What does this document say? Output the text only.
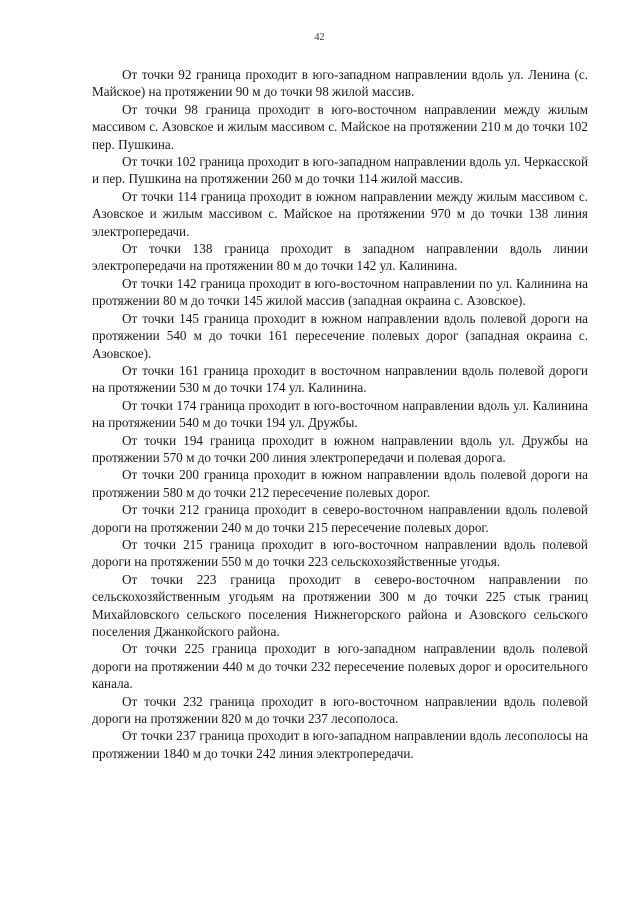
42

От точки 92 граница проходит в юго-западном направлении вдоль ул. Ленина (с. Майское) на протяжении 90 м до точки 98 жилой массив.

От точки 98 граница проходит в юго-восточном направлении между жилым массивом с. Азовское и жилым массивом с. Майское на протяжении 210 м до точки 102 пер. Пушкина.

От точки 102 граница проходит в юго-западном направлении вдоль ул. Черкасской и пер. Пушкина на протяжении 260 м до точки 114 жилой массив.

От точки 114 граница проходит в южном направлении между жилым массивом с. Азовское и жилым массивом с. Майское на протяжении 970 м до точки 138 линия электропередачи.

От точки 138 граница проходит в западном направлении вдоль линии электропередачи на протяжении 80 м до точки 142 ул. Калинина.

От точки 142 граница проходит в юго-восточном направлении по ул. Калинина на протяжении 80 м до точки 145 жилой массив (западная окраина с. Азовское).

От точки 145 граница проходит в южном направлении вдоль полевой дороги на протяжении 540 м до точки 161 пересечение полевых дорог (западная окраина с. Азовское).

От точки 161 граница проходит в восточном направлении вдоль полевой дороги на протяжении 530 м до точки 174 ул. Калинина.

От точки 174 граница проходит в юго-восточном направлении вдоль ул. Калинина на протяжении 540 м до точки 194 ул. Дружбы.

От точки 194 граница проходит в южном направлении вдоль ул. Дружбы на протяжении 570 м до точки 200 линия электропередачи и полевая дорога.

От точки 200 граница проходит в южном направлении вдоль полевой дороги на протяжении 580 м до точки 212 пересечение полевых дорог.

От точки 212 граница проходит в северо-восточном направлении вдоль полевой дороги на протяжении 240 м до точки 215 пересечение полевых дорог.

От точки 215 граница проходит в юго-восточном направлении вдоль полевой дороги на протяжении 550 м до точки 223 сельскохозяйственные угодья.

От точки 223 граница проходит в северо-восточном направлении по сельскохозяйственным угодьям на протяжении 300 м до точки 225 стык границ Михайловского сельского поселения Нижнегорского района и Азовского сельского поселения Джанкойского района.

От точки 225 граница проходит в юго-западном направлении вдоль полевой дороги на протяжении 440 м до точки 232 пересечение полевых дорог и оросительного канала.

От точки 232 граница проходит в юго-восточном направлении вдоль полевой дороги на протяжении 820 м до точки 237 лесополоса.

От точки 237 граница проходит в юго-западном направлении вдоль лесополосы на протяжении 1840 м до точки 242 линия электропередачи.
